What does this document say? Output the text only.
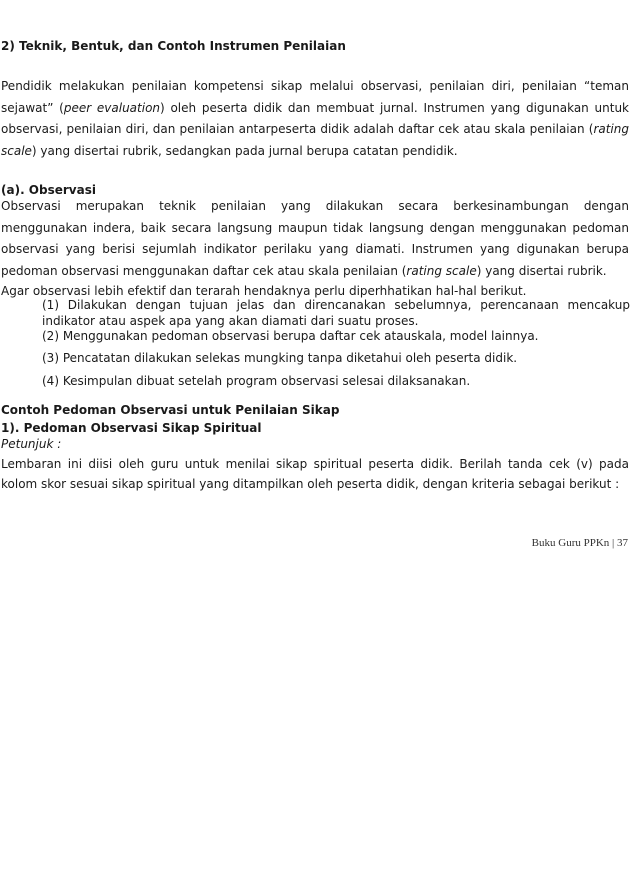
2) Teknik, Bentuk, dan Contoh Instrumen Penilaian

Pendidik melakukan penilaian kompetensi sikap melalui observasi, penilaian diri, penilaian “teman sejawat” (peer evaluation) oleh peserta didik dan membuat jurnal. Instrumen yang digunakan untuk observasi, penilaian diri, dan penilaian antarpeserta didik adalah daftar cek atau skala penilaian (rating scale) yang disertai rubrik, sedangkan pada jurnal berupa catatan pendidik.

(a). Observasi

Observasi merupakan teknik penilaian yang dilakukan secara berkesinambungan dengan menggunakan indera, baik secara langsung maupun tidak langsung dengan menggunakan pedoman observasi yang berisi sejumlah indikator perilaku yang diamati. Instrumen yang digunakan berupa pedoman observasi menggunakan daftar cek atau skala penilaian (rating scale) yang disertai rubrik.

Agar observasi lebih efektif dan terarah hendaknya perlu diperhhatikan hal-hal berikut.

(1) Dilakukan dengan tujuan jelas dan direncanakan sebelumnya, perencanaan mencakup indikator atau aspek apa yang akan diamati dari suatu proses.

(2) Menggunakan pedoman observasi berupa daftar cek atauskala, model lainnya.

(3) Pencatatan dilakukan selekas mungking tanpa diketahui oleh peserta didik.

(4) Kesimpulan dibuat setelah program observasi selesai dilaksanakan.

Contoh Pedoman Observasi untuk Penilaian Sikap
1). Pedoman Observasi Sikap Spiritual
Petunjuk :

Lembaran ini diisi oleh guru untuk menilai sikap spiritual peserta didik. Berilah tanda cek (v) pada kolom skor sesuai sikap spiritual yang ditampilkan oleh peserta didik, dengan kriteria sebagai berikut :

Buku Guru PPKn | 37
